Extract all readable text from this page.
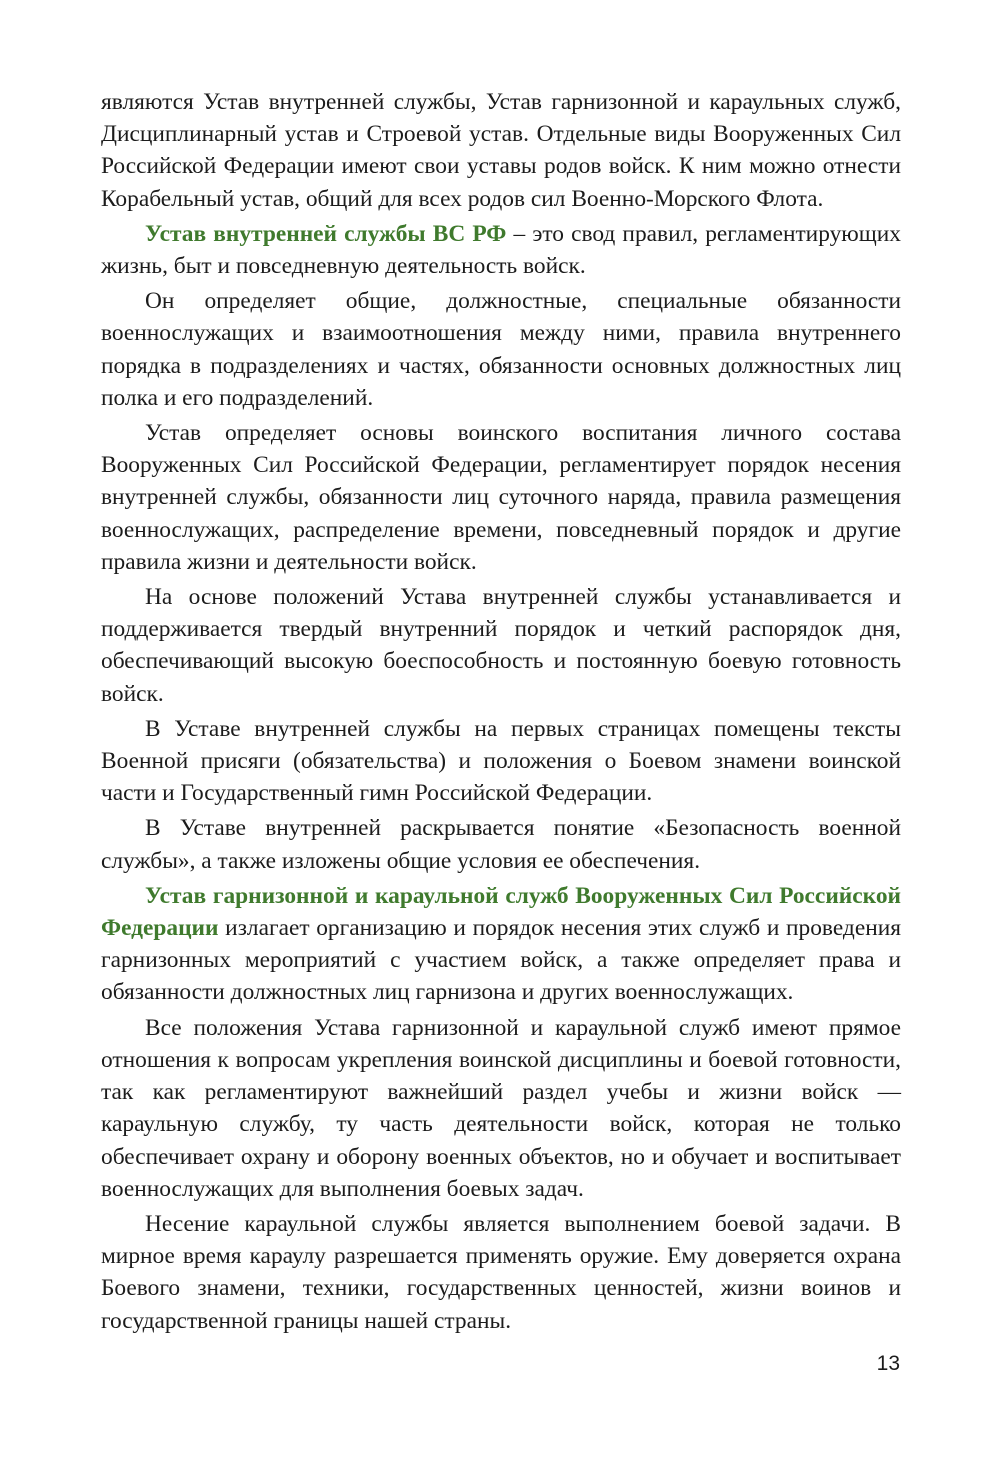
являются Устав внутренней службы, Устав гарнизонной и караульных служб, Дисциплинарный устав и Строевой устав. Отдельные виды Вооруженных Сил Российской Федерации имеют свои уставы родов войск. К ним можно отнести Корабельный устав, общий для всех родов сил Военно-Морского Флота.

Устав внутренней службы ВС РФ – это свод правил, регламентирующих жизнь, быт и повседневную деятельность войск.

Он определяет общие, должностные, специальные обязанности военнослужащих и взаимоотношения между ними, правила внутреннего порядка в подразделениях и частях, обязанности основных должностных лиц полка и его подразделений.

Устав определяет основы воинского воспитания личного состава Вооруженных Сил Российской Федерации, регламентирует порядок несения внутренней службы, обязанности лиц суточного наряда, правила размещения военнослужащих, распределение времени, повседневный порядок и другие правила жизни и деятельности войск.

На основе положений Устава внутренней службы устанавливается и поддерживается твердый внутренний порядок и четкий распорядок дня, обеспечивающий высокую боеспособность и постоянную боевую готовность войск.

В Уставе внутренней службы на первых страницах помещены тексты Военной присяги (обязательства) и положения о Боевом знамени воинской части и Государственный гимн Российской Федерации.

В Уставе внутренней раскрывается понятие «Безопасность военной службы», а также изложены общие условия ее обеспечения.

Устав гарнизонной и караульной служб Вооруженных Сил Российской Федерации излагает организацию и порядок несения этих служб и проведения гарнизонных мероприятий с участием войск, а также определяет права и обязанности должностных лиц гарнизона и других военнослужащих.

Все положения Устава гарнизонной и караульной служб имеют прямое отношения к вопросам укрепления воинской дисциплины и боевой готовности, так как регламентируют важнейший раздел учебы и жизни войск — караульную службу, ту часть деятельности войск, которая не только обеспечивает охрану и оборону военных объектов, но и обучает и воспитывает военнослужащих для выполнения боевых задач.

Несение караульной службы является выполнением боевой задачи. В мирное время караулу разрешается применять оружие. Ему доверяется охрана Боевого знамени, техники, государственных ценностей, жизни воинов и государственной границы нашей страны.

13
